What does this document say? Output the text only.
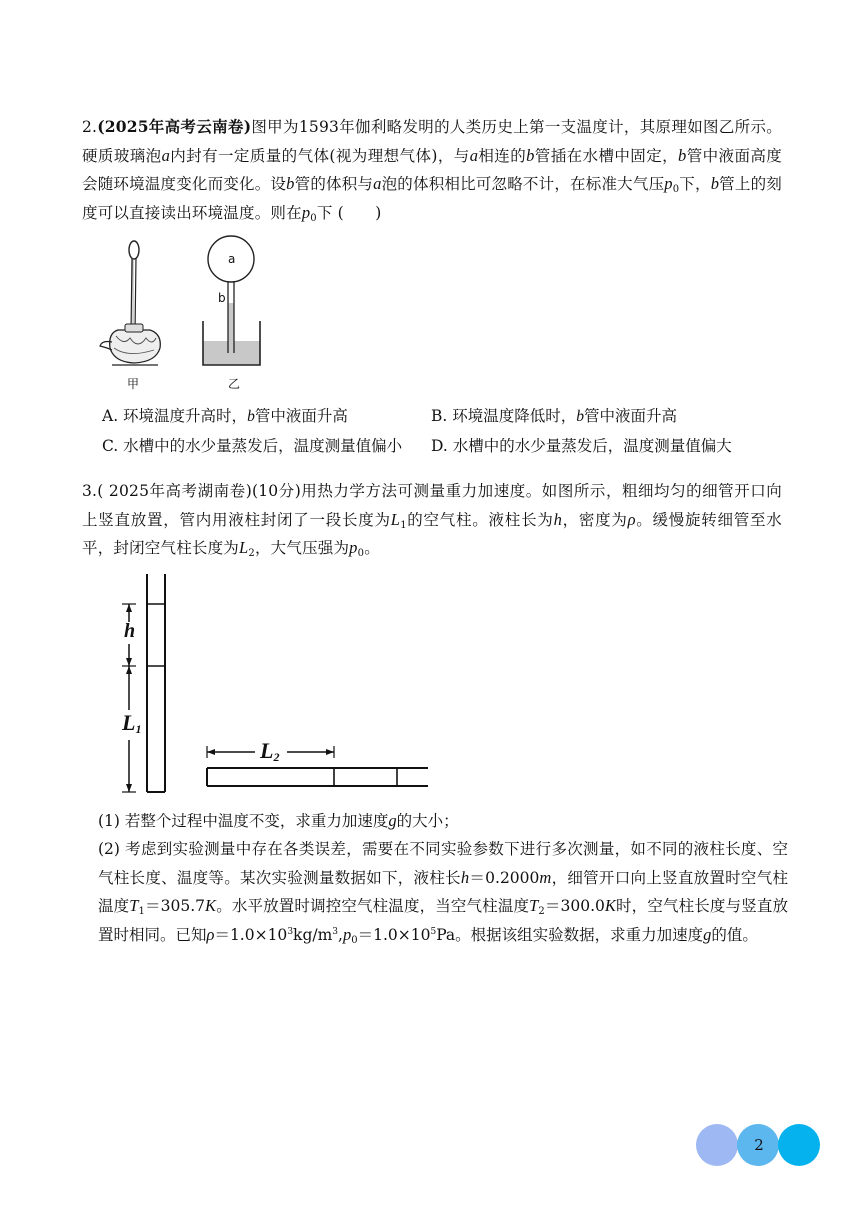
2.(2025年高考云南卷)图甲为1593年伽利略发明的人类历史上第一支温度计，其原理如图乙所示。硬质玻璃泡a内封有一定质量的气体(视为理想气体)，与a相连的b管插在水槽中固定，b管中液面高度会随环境温度变化而变化。设b管的体积与a泡的体积相比可忽略不计，在标准大气压$p_0$下，b管上的刻度可以直接读出环境温度。则在$p_0$下 (　　)
甲
a
b
乙
A. 环境温度升高时，b管中液面升高	B. 环境温度降低时，b管中液面升高
C. 水槽中的水少量蒸发后，温度测量值偏小 D. 水槽中的水少量蒸发后，温度测量值偏大
3.( 2025年高考湖南卷)(10分)用热力学方法可测量重力加速度。如图所示，粗细均匀的细管开口向上竖直放置，管内用液柱封闭了一段长度为$L_1$的空气柱。液柱长为h，密度为ρ。缓慢旋转细管至水平，封闭空气柱长度为$L_2$，大气压强为$p_0$。
h
$L_1$
$L_2$
(1) 若整个过程中温度不变，求重力加速度g的大小；
(2) 考虑到实验测量中存在各类误差，需要在不同实验参数下进行多次测量，如不同的液柱长度、空气柱长度、温度等。某次实验测量数据如下，液柱长h＝0.2000m，细管开口向上竖直放置时空气柱温度$T_1=305.7K$。水平放置时调控空气柱温度，当空气柱温度$T_2=300.0K$时，空气柱长度与竖直放置时相同。已知$\rho=1.0\times 10^3kg/m^3,p_0=1.0\times 10^5Pa$。根据该组实验数据，求重力加速度g的值。
2
